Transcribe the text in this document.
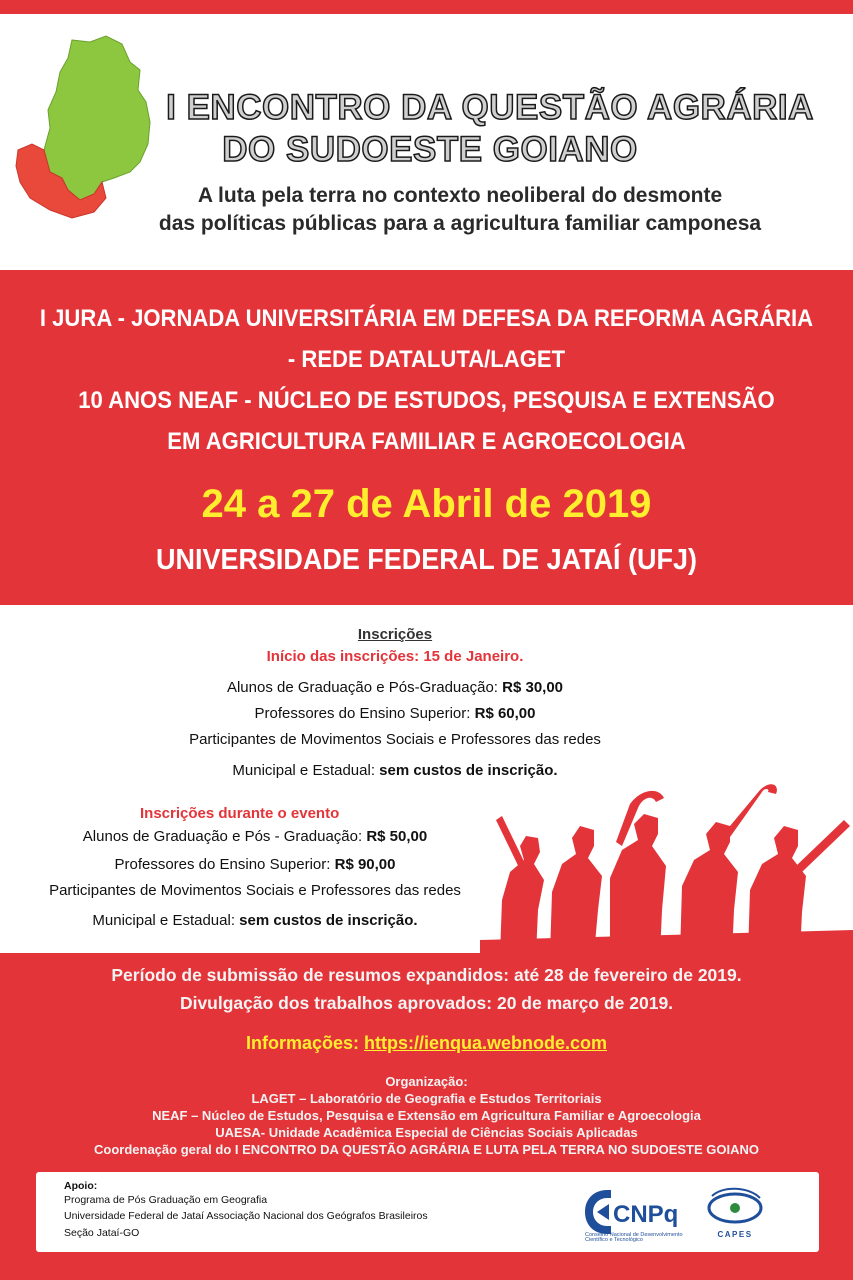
I ENCONTRO DA QUESTÃO AGRÁRIA
DO SUDOESTE GOIANO
A luta pela terra no contexto neoliberal do desmonte
das políticas públicas para a agricultura familiar camponesa
I JURA - JORNADA UNIVERSITÁRIA EM DEFESA DA REFORMA AGRÁRIA
- REDE DATALUTA/LAGET
10 ANOS NEAF - NÚCLEO DE ESTUDOS, PESQUISA E EXTENSÃO
EM AGRICULTURA FAMILIAR E AGROECOLOGIA
24 a 27 de Abril de 2019
UNIVERSIDADE FEDERAL DE JATAÍ (UFJ)
Inscrições
Início das inscrições: 15 de Janeiro.
Alunos de Graduação e Pós-Graduação: R$ 30,00
Professores do Ensino Superior: R$ 60,00
Participantes de Movimentos Sociais e Professores das redes
Municipal e Estadual: sem custos de inscrição.
Inscrições durante o evento
Alunos de Graduação e Pós - Graduação: R$ 50,00
Professores do Ensino Superior: R$ 90,00
Participantes de Movimentos Sociais e Professores das redes
Municipal e Estadual: sem custos de inscrição.
Período de submissão de resumos expandidos: até 28 de fevereiro de 2019.
Divulgação dos trabalhos aprovados: 20 de março de 2019.
Informações: https://ienqua.webnode.com
Organização:
LAGET – Laboratório de Geografia e Estudos Territoriais
NEAF – Núcleo de Estudos, Pesquisa e Extensão em Agricultura Familiar e Agroecologia
UAESA- Unidade Acadêmica Especial de Ciências Sociais Aplicadas
Coordenação geral do I ENCONTRO DA QUESTÃO AGRÁRIA E LUTA PELA TERRA NO SUDOESTE GOIANO
Apoio:
Programa de Pós Graduação em Geografia
Universidade Federal de Jataí Associação Nacional dos Geógrafos Brasileiros
Seção Jataí-GO
CNPq
Conselho Nacional de Desenvolvimento
Científico e Tecnológico
CAPES
